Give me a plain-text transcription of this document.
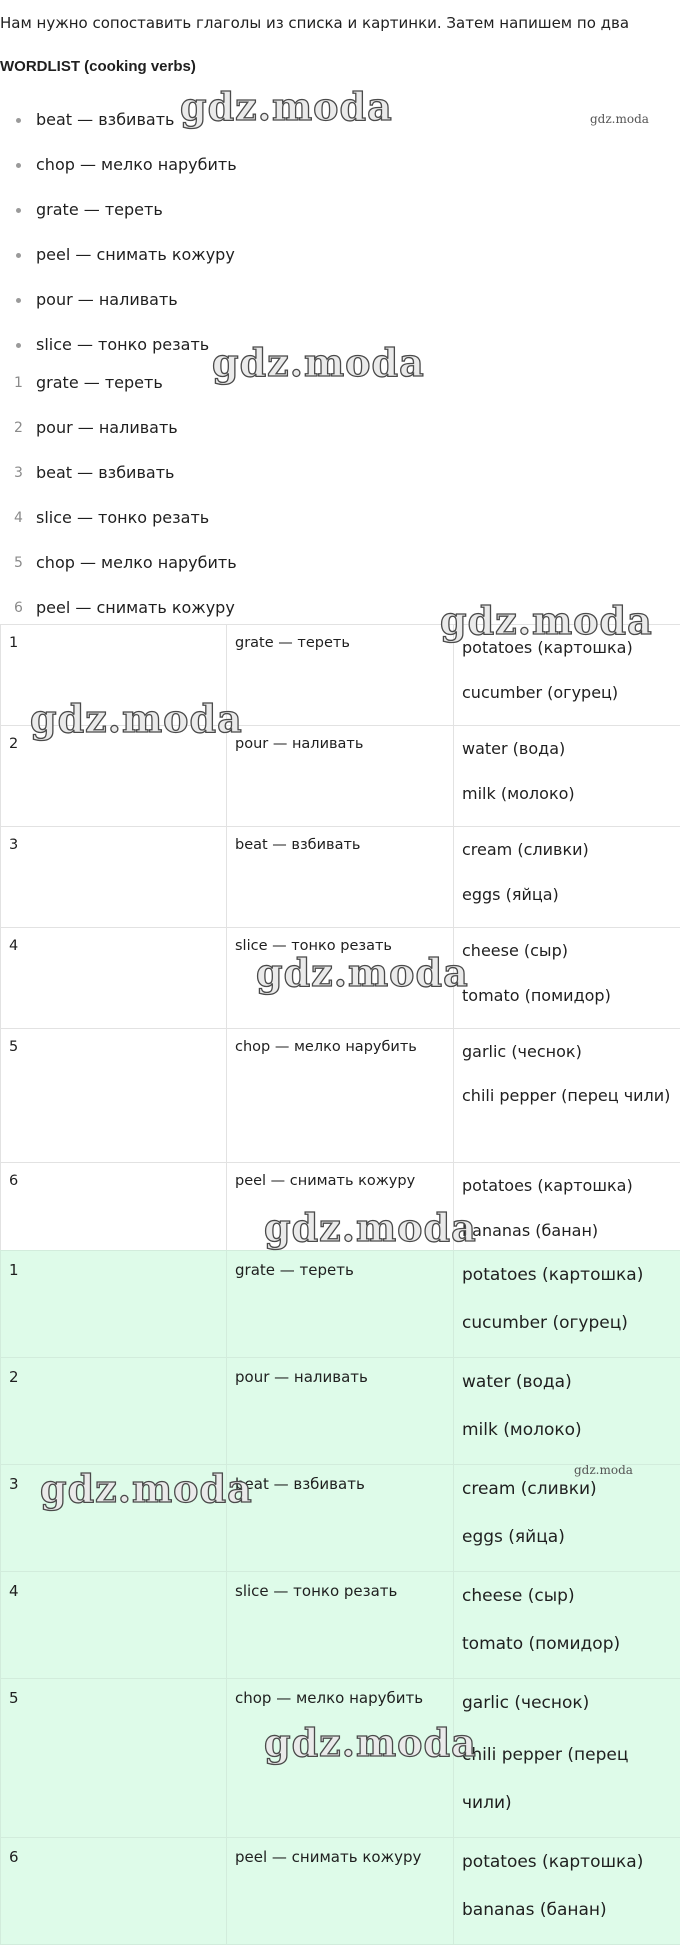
Нам нужно сопоставить глаголы из списка и картинки. Затем напишем по два
WORDLIST (cooking verbs)
beat — взбивать
chop — мелко нарубить
grate — тереть
peel — снимать кожуру
pour — наливать
slice — тонко резать
1 grate — тереть
2 pour — наливать
3 beat — взбивать
4 slice — тонко резать
5 chop — мелко нарубить
6 peel — снимать кожуру
1	grate — тереть	potatoes (картошка)
cucumber (огурец)

2	pour — наливать	water (вода)
milk (молоко)

3	beat — взбивать	cream (сливки)
eggs (яйца)

4	slice — тонко резать	cheese (сыр)
tomato (помидор)

5	chop — мелко нарубить	garlic (чеснок)
chili pepper (перец чили)

6	peel — снимать кожуру	potatoes (картошка)
bananas (банан)
1	grate — тереть	potatoes (картошка)
cucumber (огурец)

2	pour — наливать	water (вода)
milk (молоко)

3	beat — взбивать	cream (сливки)
eggs (яйца)

4	slice — тонко резать	cheese (сыр)
tomato (помидор)

5	chop — мелко нарубить	garlic (чеснок)
chili pepper (перец чили)

6	peel — снимать кожуру	potatoes (картошка)
bananas (банан)
gdz.moda	gdz.moda
gdz.moda
gdz.moda
gdz.moda
gdz.moda
gdz.moda
gdz.moda
gdz.moda
gdz.moda
